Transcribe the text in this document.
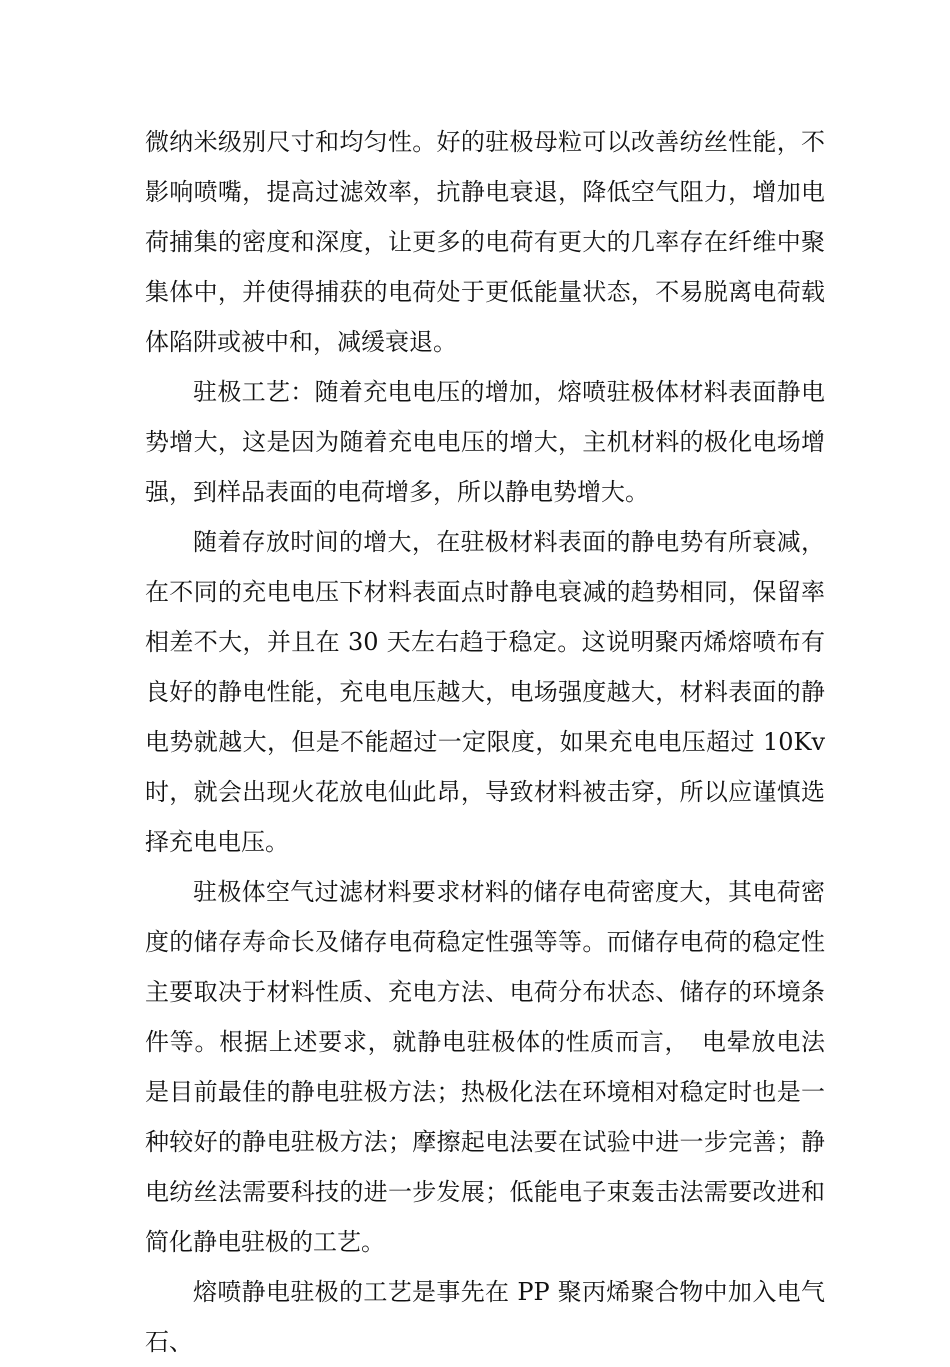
微纳米级别尺寸和均匀性。好的驻极母粒可以改善纺丝性能，不影响喷嘴，提高过滤效率，抗静电衰退，降低空气阻力，增加电荷捕集的密度和深度，让更多的电荷有更大的几率存在纤维中聚集体中，并使得捕获的电荷处于更低能量状态，不易脱离电荷载体陷阱或被中和，减缓衰退。

驻极工艺：随着充电电压的增加，熔喷驻极体材料表面静电势增大，这是因为随着充电电压的增大，主机材料的极化电场增强，到样品表面的电荷增多，所以静电势增大。

随着存放时间的增大，在驻极材料表面的静电势有所衰减，在不同的充电电压下材料表面点时静电衰减的趋势相同，保留率相差不大，并且在 30 天左右趋于稳定。这说明聚丙烯熔喷布有良好的静电性能，充电电压越大，电场强度越大，材料表面的静电势就越大，但是不能超过一定限度，如果充电电压超过 10Kv 时，就会出现火花放电仙此昂，导致材料被击穿，所以应谨慎选择充电电压。

驻极体空气过滤材料要求材料的储存电荷密度大，其电荷密度的储存寿命长及储存电荷稳定性强等等。而储存电荷的稳定性主要取决于材料性质、充电方法、电荷分布状态、储存的环境条件等。根据上述要求，就静电驻极体的性质而言，　电晕放电法是目前最佳的静电驻极方法；热极化法在环境相对稳定时也是一种较好的静电驻极方法；摩擦起电法要在试验中进一步完善；静电纺丝法需要科技的进一步发展；低能电子束轰击法需要改进和简化静电驻极的工艺。

熔喷静电驻极的工艺是事先在 PP 聚丙烯聚合物中加入电气石、
